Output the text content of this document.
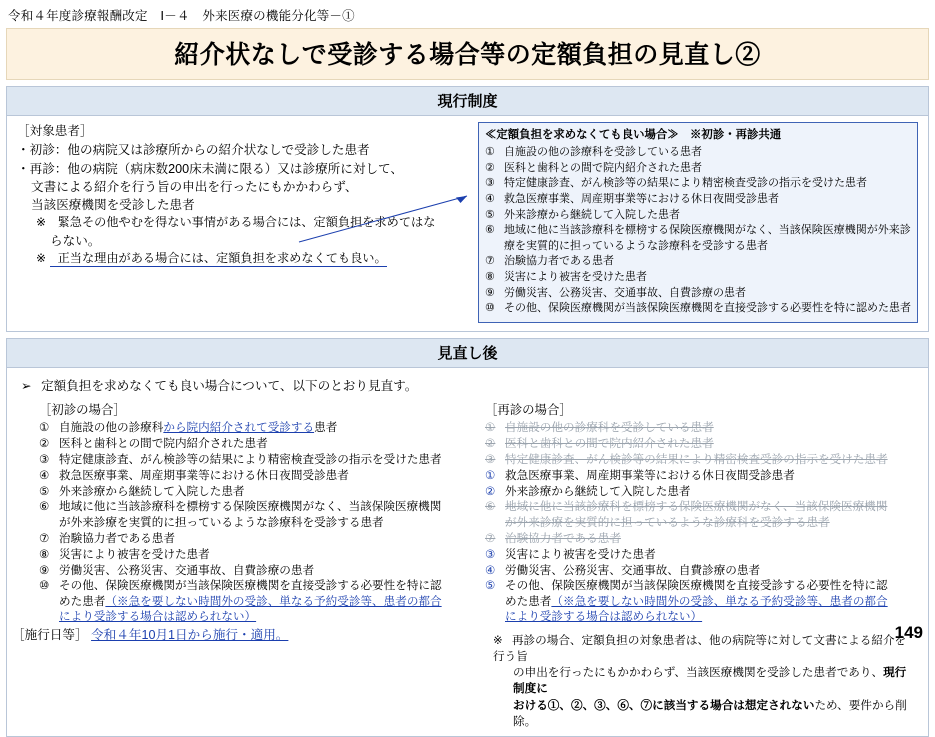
令和４年度診療報酬改定　Ⅰ－４　外来医療の機能分化等－①
紹介状なしで受診する場合等の定額負担の見直し②
現行制度
［対象患者］
・初診：他の病院又は診療所からの紹介状なしで受診した患者
・再診：他の病院（病床数200床未満に限る）又は診療所に対して、
文書による紹介を行う旨の申出を行ったにもかかわらず、
当該医療機関を受診した患者
※ 緊急その他やむを得ない事情がある場合には、定額負担を求めてはな
らない。
※ 正当な理由がある場合には、定額負担を求めなくても良い。
≪定額負担を求めなくても良い場合≫　※初診・再診共通
① 自施設の他の診療科を受診している患者
② 医科と歯科との間で院内紹介された患者
③ 特定健康診査、がん検診等の結果により精密検査受診の指示を受けた患者
④ 救急医療事業、周産期事業等における休日夜間受診患者
⑤ 外来診療から継続して入院した患者
⑥ 地域に他に当該診療科を標榜する保険医療機関がなく、当該保険医療機関が外来診療を実質的に担っているような診療科を受診する患者
⑦ 治験協力者である患者
⑧ 災害により被害を受けた患者
⑨ 労働災害、公務災害、交通事故、自費診療の患者
⑩ その他、保険医療機関が当該保険医療機関を直接受診する必要性を特に認めた患者
見直し後
➢ 定額負担を求めなくても良い場合について、以下のとおり見直す。
［初診の場合］
① 自施設の他の診療科から院内紹介されて受診する患者
② 医科と歯科との間で院内紹介された患者
③ 特定健康診査、がん検診等の結果により精密検査受診の指示を受けた患者
④ 救急医療事業、周産期事業等における休日夜間受診患者
⑤ 外来診療から継続して入院した患者
⑥ 地域に他に当該診療科を標榜する保険医療機関がなく、当該保険医療機関
が外来診療を実質的に担っているような診療科を受診する患者
⑦ 治験協力者である患者
⑧ 災害により被害を受けた患者
⑨ 労働災害、公務災害、交通事故、自費診療の患者
⑩ その他、保険医療機関が当該保険医療機関を直接受診する必要性を特に認
めた患者（※急を要しない時間外の受診、単なる予約受診等、患者の都合
により受診する場合は認められない）
［再診の場合］
① 自施設の他の診療科を受診している患者
② 医科と歯科との間で院内紹介された患者
③ 特定健康診査、がん検診等の結果により精密検査受診の指示を受けた患者
① 救急医療事業、周産期事業等における休日夜間受診患者
② 外来診療から継続して入院した患者
⑥ 地域に他に当該診療科を標榜する保険医療機関がなく、当該保険医療機関
が外来診療を実質的に担っているような診療科を受診する患者
⑦ 治験協力者である患者
③ 災害により被害を受けた患者
④ 労働災害、公務災害、交通事故、自費診療の患者
⑤ その他、保険医療機関が当該保険医療機関を直接受診する必要性を特に認
めた患者（※急を要しない時間外の受診、単なる予約受診等、患者の都合
により受診する場合は認められない）
※ 再診の場合、定額負担の対象患者は、他の病院等に対して文書による紹介を行う旨
の申出を行ったにもかかわらず、当該医療機関を受診した患者であり、現行制度に
おける①、②、③、⑥、⑦に該当する場合は想定されないため、要件から削除。
［施行日等］ 令和４年10月1日から施行・適用。	149
